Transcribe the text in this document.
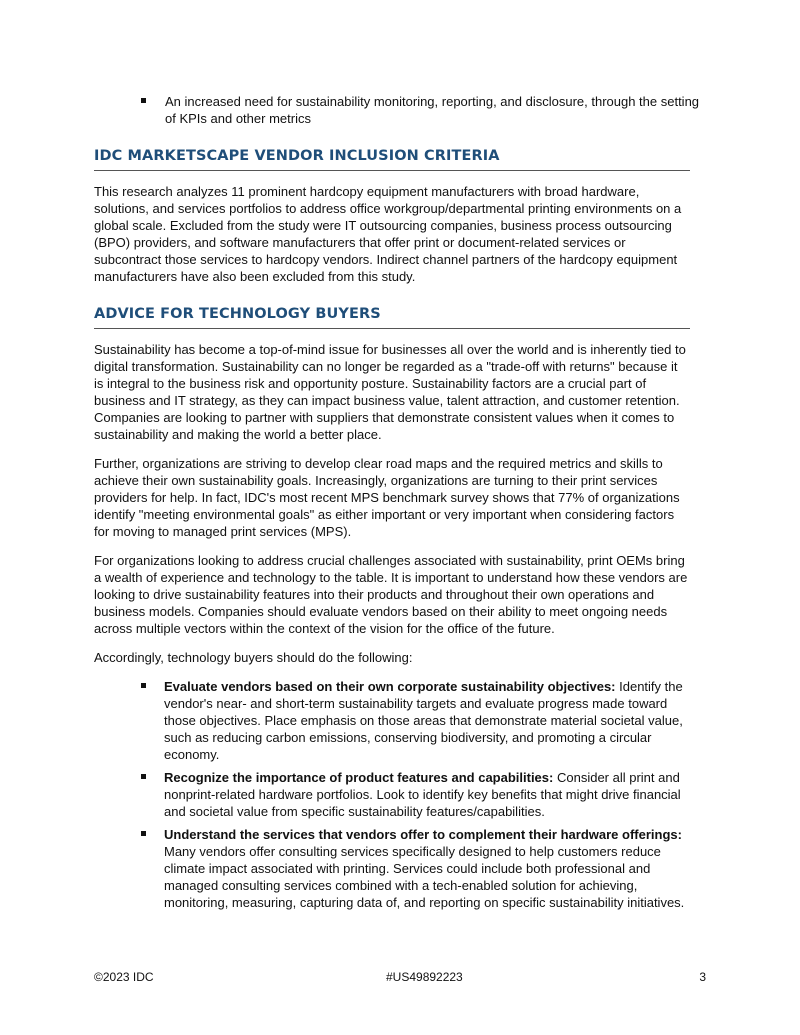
An increased need for sustainability monitoring, reporting, and disclosure, through the setting of KPIs and other metrics
IDC MARKETSCAPE VENDOR INCLUSION CRITERIA

This research analyzes 11 prominent hardcopy equipment manufacturers with broad hardware, solutions, and services portfolios to address office workgroup/departmental printing environments on a global scale. Excluded from the study were IT outsourcing companies, business process outsourcing (BPO) providers, and software manufacturers that offer print or document-related services or subcontract those services to hardcopy vendors. Indirect channel partners of the hardcopy equipment manufacturers have also been excluded from this study.

ADVICE FOR TECHNOLOGY BUYERS

Sustainability has become a top-of-mind issue for businesses all over the world and is inherently tied to digital transformation. Sustainability can no longer be regarded as a "trade-off with returns" because it is integral to the business risk and opportunity posture. Sustainability factors are a crucial part of business and IT strategy, as they can impact business value, talent attraction, and customer retention. Companies are looking to partner with suppliers that demonstrate consistent values when it comes to sustainability and making the world a better place.

Further, organizations are striving to develop clear road maps and the required metrics and skills to achieve their own sustainability goals. Increasingly, organizations are turning to their print services providers for help. In fact, IDC's most recent MPS benchmark survey shows that 77% of organizations identify "meeting environmental goals" as either important or very important when considering factors for moving to managed print services (MPS).

For organizations looking to address crucial challenges associated with sustainability, print OEMs bring a wealth of experience and technology to the table. It is important to understand how these vendors are looking to drive sustainability features into their products and throughout their own operations and business models. Companies should evaluate vendors based on their ability to meet ongoing needs across multiple vectors within the context of the vision for the office of the future.

Accordingly, technology buyers should do the following:

Evaluate vendors based on their own corporate sustainability objectives: Identify the vendor's near- and short-term sustainability targets and evaluate progress made toward those objectives. Place emphasis on those areas that demonstrate material societal value, such as reducing carbon emissions, conserving biodiversity, and promoting a circular economy.
Recognize the importance of product features and capabilities: Consider all print and nonprint-related hardware portfolios. Look to identify key benefits that might drive financial and societal value from specific sustainability features/capabilities.
Understand the services that vendors offer to complement their hardware offerings: Many vendors offer consulting services specifically designed to help customers reduce climate impact associated with printing. Services could include both professional and managed consulting services combined with a tech-enabled solution for achieving, monitoring, measuring, capturing data of, and reporting on specific sustainability initiatives.
©2023 IDC	#US49892223	3
